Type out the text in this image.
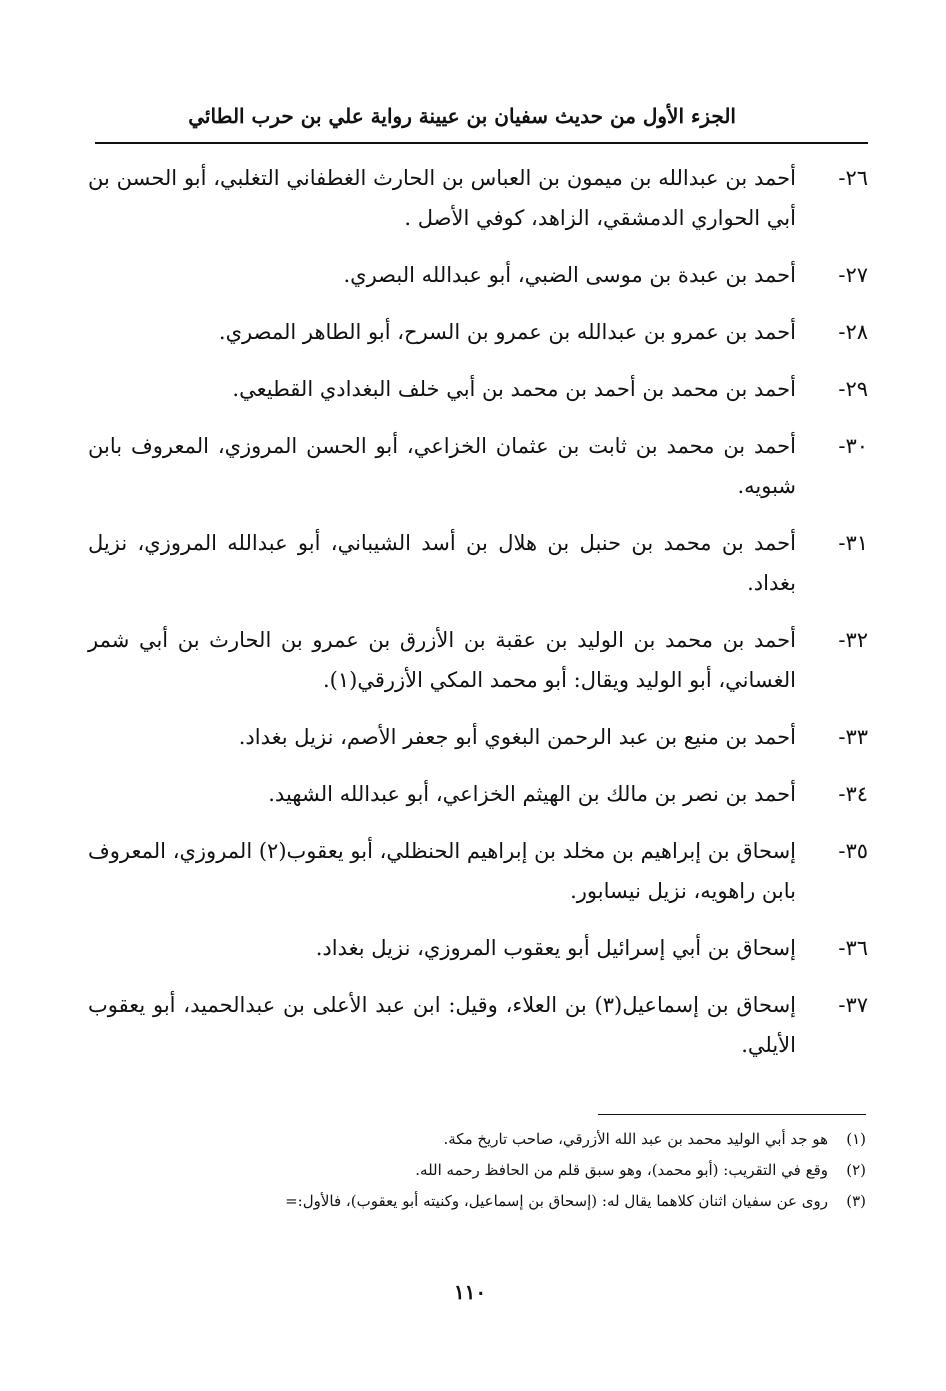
الجزء الأول من حديث سفيان بن عيينة رواية علي بن حرب الطائي
٢٦-
أحمد بن عبدالله بن ميمون بن العباس بن الحارث الغطفاني التغلبي، أبو الحسن بن أبي الحواري الدمشقي، الزاهد، كوفي الأصل .
٢٧-
أحمد بن عبدة بن موسى الضبي، أبو عبدالله البصري.
٢٨-
أحمد بن عمرو بن عبدالله بن عمرو بن السرح، أبو الطاهر المصري.
٢٩-
أحمد بن محمد بن أحمد بن محمد بن أبي خلف البغدادي القطيعي.
٣٠-
أحمد بن محمد بن ثابت بن عثمان الخزاعي، أبو الحسن المروزي، المعروف بابن شبويه.
٣١-
أحمد بن محمد بن حنبل بن هلال بن أسد الشيباني، أبو عبدالله المروزي، نزيل بغداد.
٣٢-
أحمد بن محمد بن الوليد بن عقبة بن الأزرق بن عمرو بن الحارث بن أبي شمر الغساني، أبو الوليد ويقال: أبو محمد المكي الأزرقي(١).
٣٣-
أحمد بن منيع بن عبد الرحمن البغوي أبو جعفر الأصم، نزيل بغداد.
٣٤-
أحمد بن نصر بن مالك بن الهيثم الخزاعي، أبو عبدالله الشهيد.
٣٥-
إسحاق بن إبراهيم بن مخلد بن إبراهيم الحنظلي، أبو يعقوب(٢) المروزي، المعروف بابن راهويه، نزيل نيسابور.
٣٦-
إسحاق بن أبي إسرائيل أبو يعقوب المروزي، نزيل بغداد.
٣٧-
إسحاق بن إسماعيل(٣) بن العلاء، وقيل: ابن عبد الأعلى بن عبدالحميد، أبو يعقوب الأيلي.
(١)
هو جد أبي الوليد محمد بن عبد الله الأزرقي، صاحب تاريخ مكة.
(٢)
وقع في التقريب: (أبو محمد)، وهو سبق قلم من الحافظ رحمه الله.
(٣)
روى عن سفيان اثنان كلاهما يقال له: (إسحاق بن إسماعيل، وكنيته أبو يعقوب)، فالأول:=
١١٠
